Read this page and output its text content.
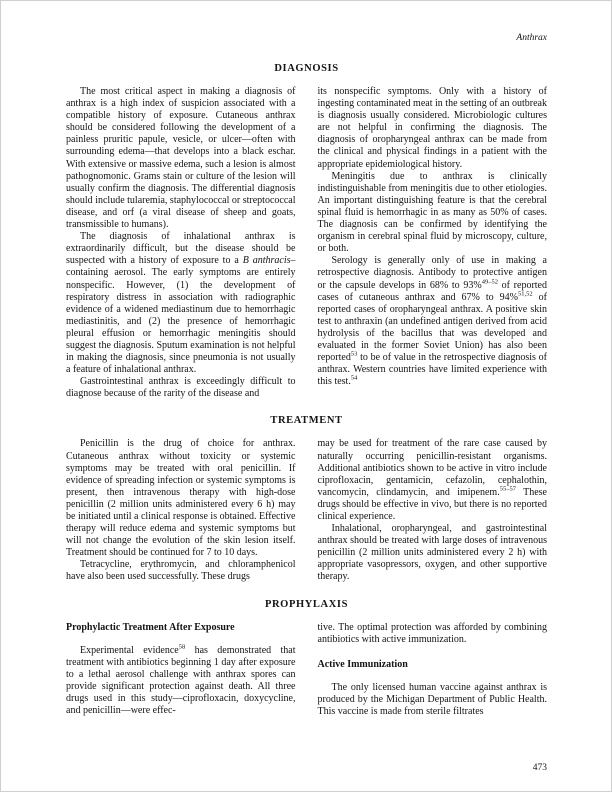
Anthrax
DIAGNOSIS

The most critical aspect in making a diagnosis of anthrax is a high index of suspicion associated with a compatible history of exposure. Cutaneous anthrax should be considered following the development of a painless pruritic papule, vesicle, or ulcer—often with surrounding edema—that develops into a black eschar. With extensive or massive edema, such a lesion is almost pathognomonic. Grams stain or culture of the lesion will usually confirm the diagnosis. The differential diagnosis should include tularemia, staphylococcal or streptococcal disease, and orf (a viral disease of sheep and goats, transmissible to humans).

The diagnosis of inhalational anthrax is extraordinarily difficult, but the disease should be suspected with a history of exposure to a B anthracis–containing aerosol. The early symptoms are entirely nonspecific. However, (1) the development of respiratory distress in association with radiographic evidence of a widened mediastinum due to hemorrhagic mediastinitis, and (2) the presence of hemorrhagic pleural effusion or hemorrhagic meningitis should suggest the diagnosis. Sputum examination is not helpful in making the diagnosis, since pneumonia is not usually a feature of inhalational anthrax.

Gastrointestinal anthrax is exceedingly difficult to diagnose because of the rarity of the disease and

its nonspecific symptoms. Only with a history of ingesting contaminated meat in the setting of an outbreak is diagnosis usually considered. Microbiologic cultures are not helpful in confirming the diagnosis. The diagnosis of oropharyngeal anthrax can be made from the clinical and physical findings in a patient with the appropriate epidemiological history.

Meningitis due to anthrax is clinically indistinguishable from meningitis due to other etiologies. An important distinguishing feature is that the cerebral spinal fluid is hemorrhagic in as many as 50% of cases. The diagnosis can be confirmed by identifying the organism in cerebral spinal fluid by microscopy, culture, or both.

Serology is generally only of use in making a retrospective diagnosis. Antibody to protective antigen or the capsule develops in 68% to 93%$^{49-52}$ of reported cases of cutaneous anthrax and 67% to 94%$^{51,52}$ of reported cases of oropharyngeal anthrax. A positive skin test to anthraxin (an undefined antigen derived from acid hydrolysis of the bacillus that was developed and evaluated in the former Soviet Union) has also been reported$^{53}$ to be of value in the retrospective diagnosis of anthrax. Western countries have limited experience with this test.$^{54}$

TREATMENT

Penicillin is the drug of choice for anthrax. Cutaneous anthrax without toxicity or systemic symptoms may be treated with oral penicillin. If evidence of spreading infection or systemic symptoms is present, then intravenous therapy with high-dose penicillin (2 million units administered every 6 h) may be initiated until a clinical response is obtained. Effective therapy will reduce edema and systemic symptoms but will not change the evolution of the skin lesion itself. Treatment should be continued for 7 to 10 days.

Tetracycline, erythromycin, and chloramphenicol have also been used successfully. These drugs

may be used for treatment of the rare case caused by naturally occurring penicillin-resistant organisms. Additional antibiotics shown to be active in vitro include ciprofloxacin, gentamicin, cefazolin, cephalothin, vancomycin, clindamycin, and imipenem.$^{55-57}$ These drugs should be effective in vivo, but there is no reported clinical experience.

Inhalational, oropharyngeal, and gastrointestinal anthrax should be treated with large doses of intravenous penicillin (2 million units administered every 2 h) with appropriate vasopressors, oxygen, and other supportive therapy.

PROPHYLAXIS
Prophylactic Treatment After Exposure

Experimental evidence$^{58}$ has demonstrated that treatment with antibiotics beginning 1 day after exposure to a lethal aerosol challenge with anthrax spores can provide significant protection against death. All three drugs used in this study—ciprofloxacin, doxycycline, and penicillin—were effec-

tive. The optimal protection was afforded by combining antibiotics with active immunization.

Active Immunization

The only licensed human vaccine against anthrax is produced by the Michigan Department of Public Health. This vaccine is made from sterile filtrates

473
